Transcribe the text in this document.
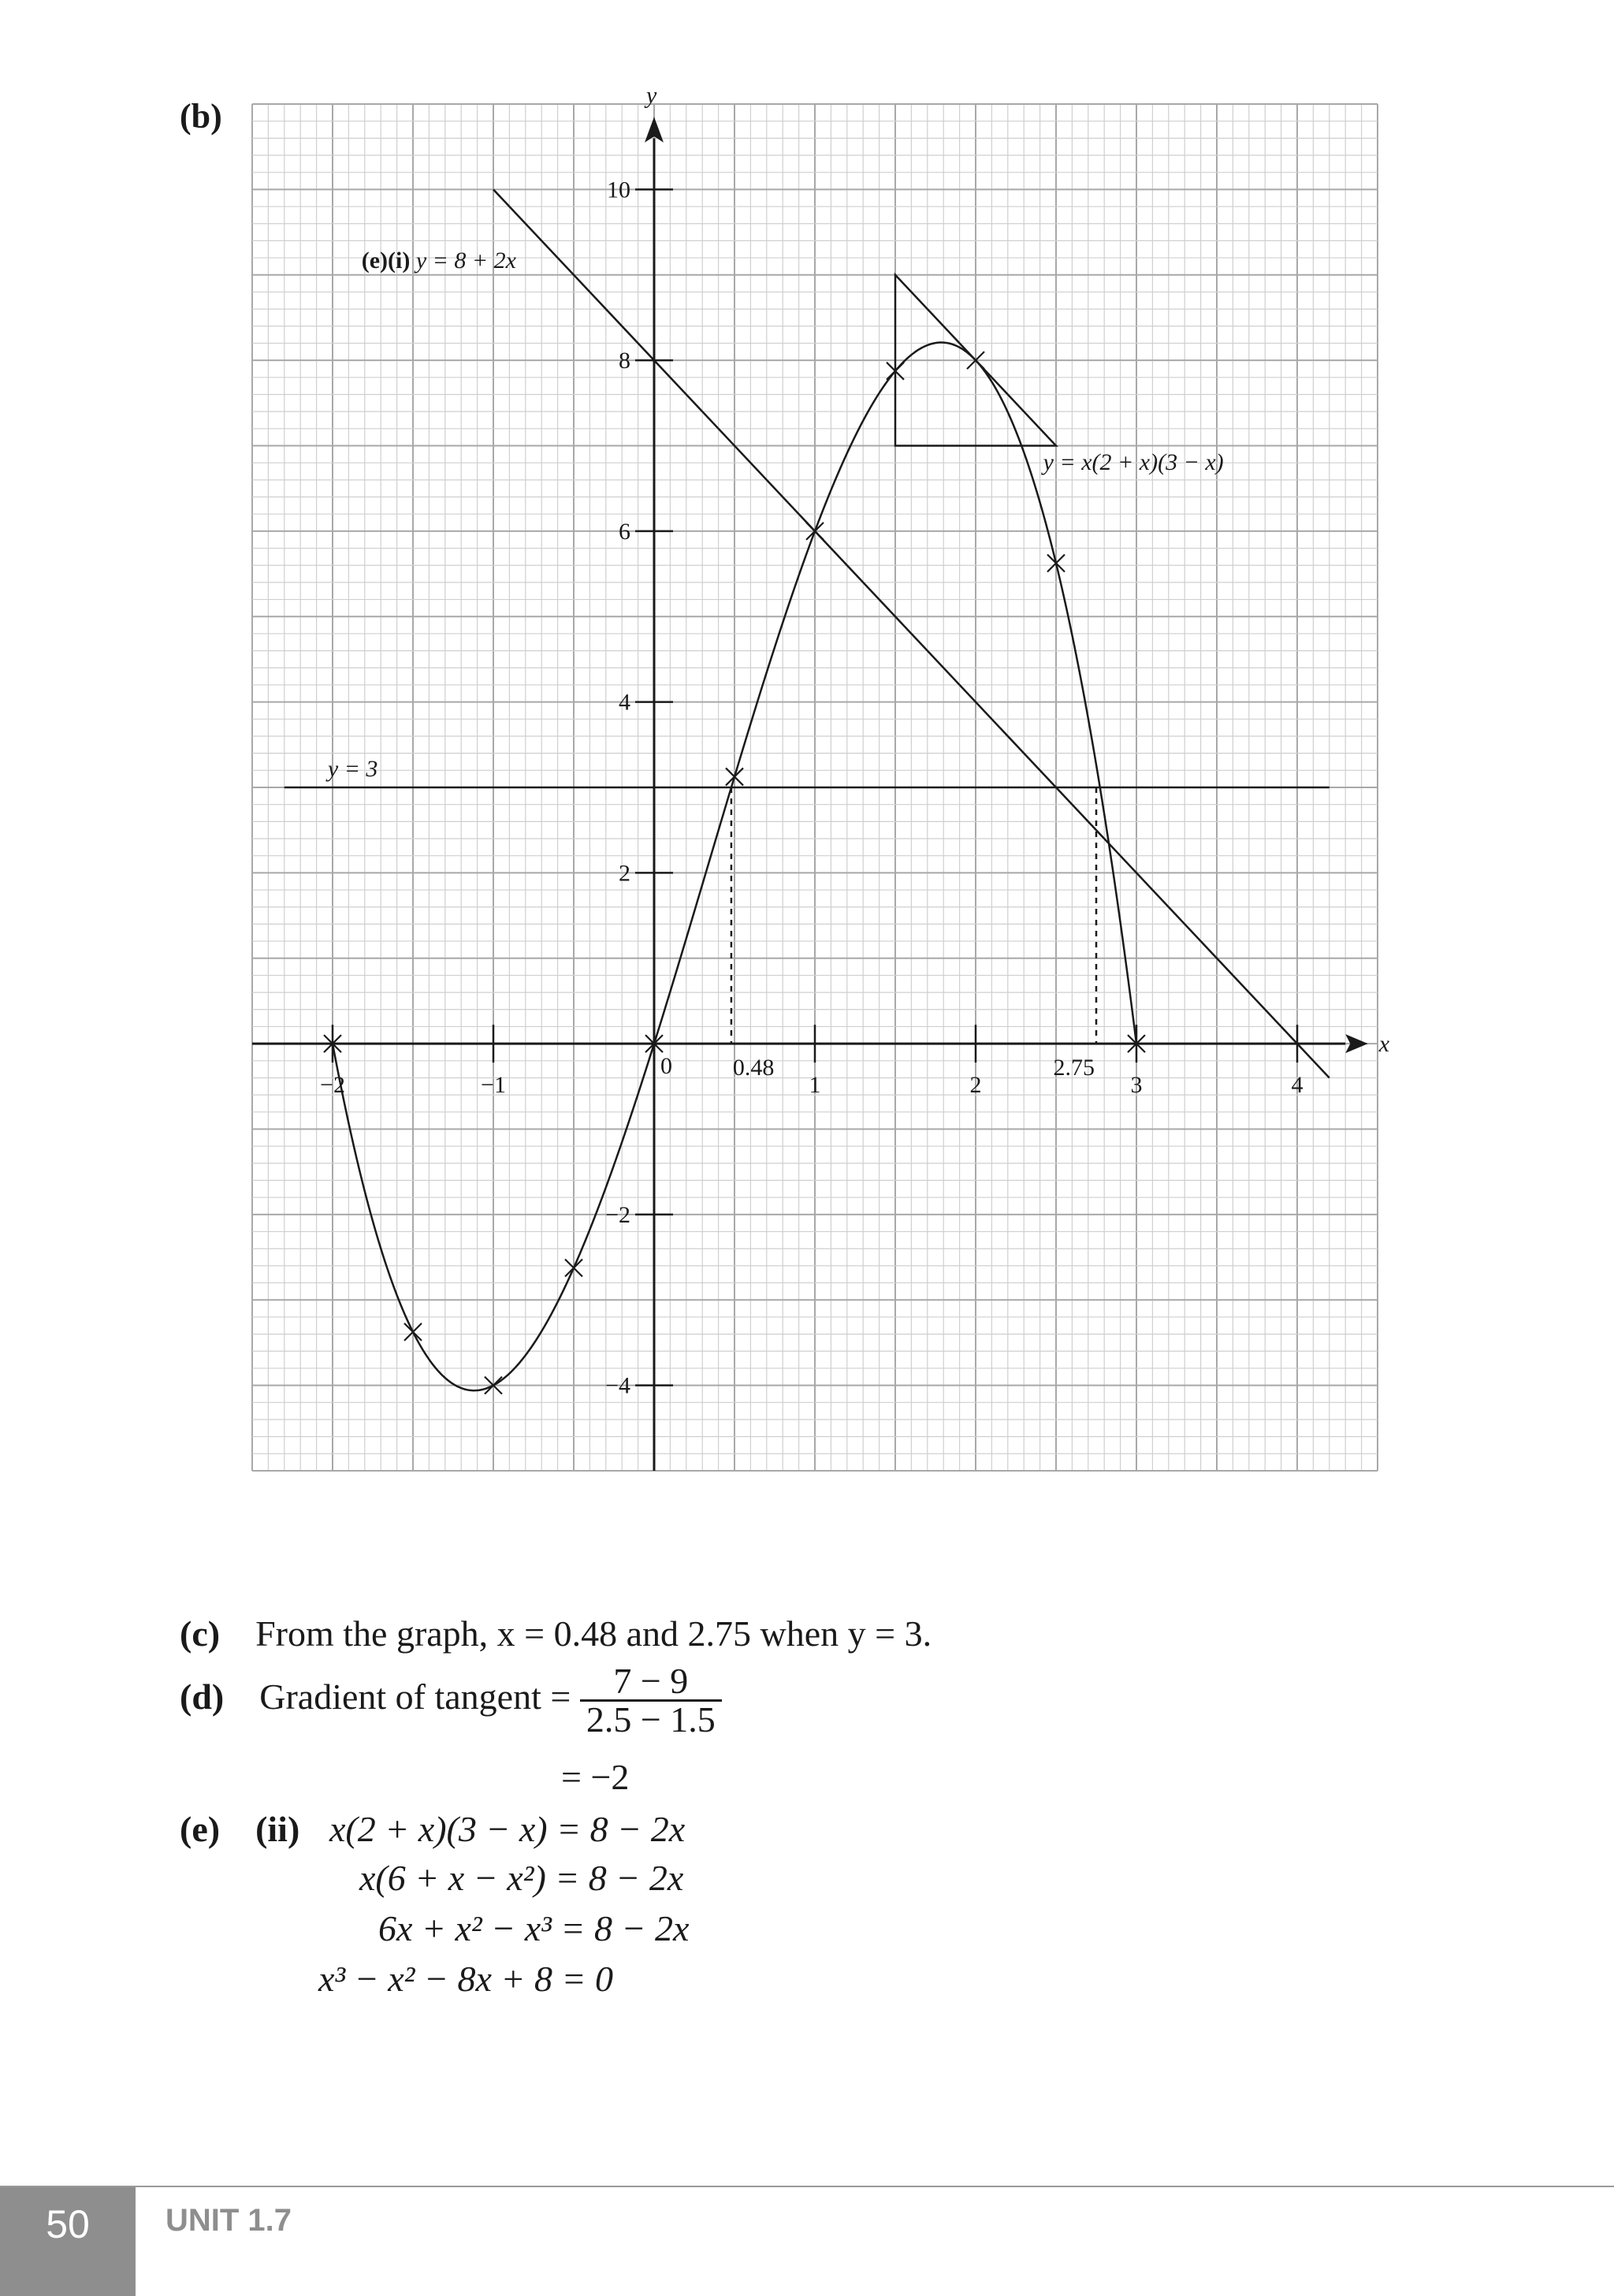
(b)
−2	−1
0
1	2	3	4
10
8
6
4
2
−2
−4
x
y
y = x(2 + x)(3 − x)
(e)(i) y = 8 + 2x
y = 3
0.48	2.75
(c) From the graph, x = 0.48 and 2.75 when y = 3.
(d) Gradient of tangent = $\frac{7 - 9}{2.5 - 1.5}$
= −2
(e) (ii) x(2 + x)(3 − x) = 8 − 2x
x(6 + x − x²) = 8 − 2x
6x + x² − x³ = 8 − 2x
x³ − x² − 8x + 8 = 0
50 UNIT 1.7
